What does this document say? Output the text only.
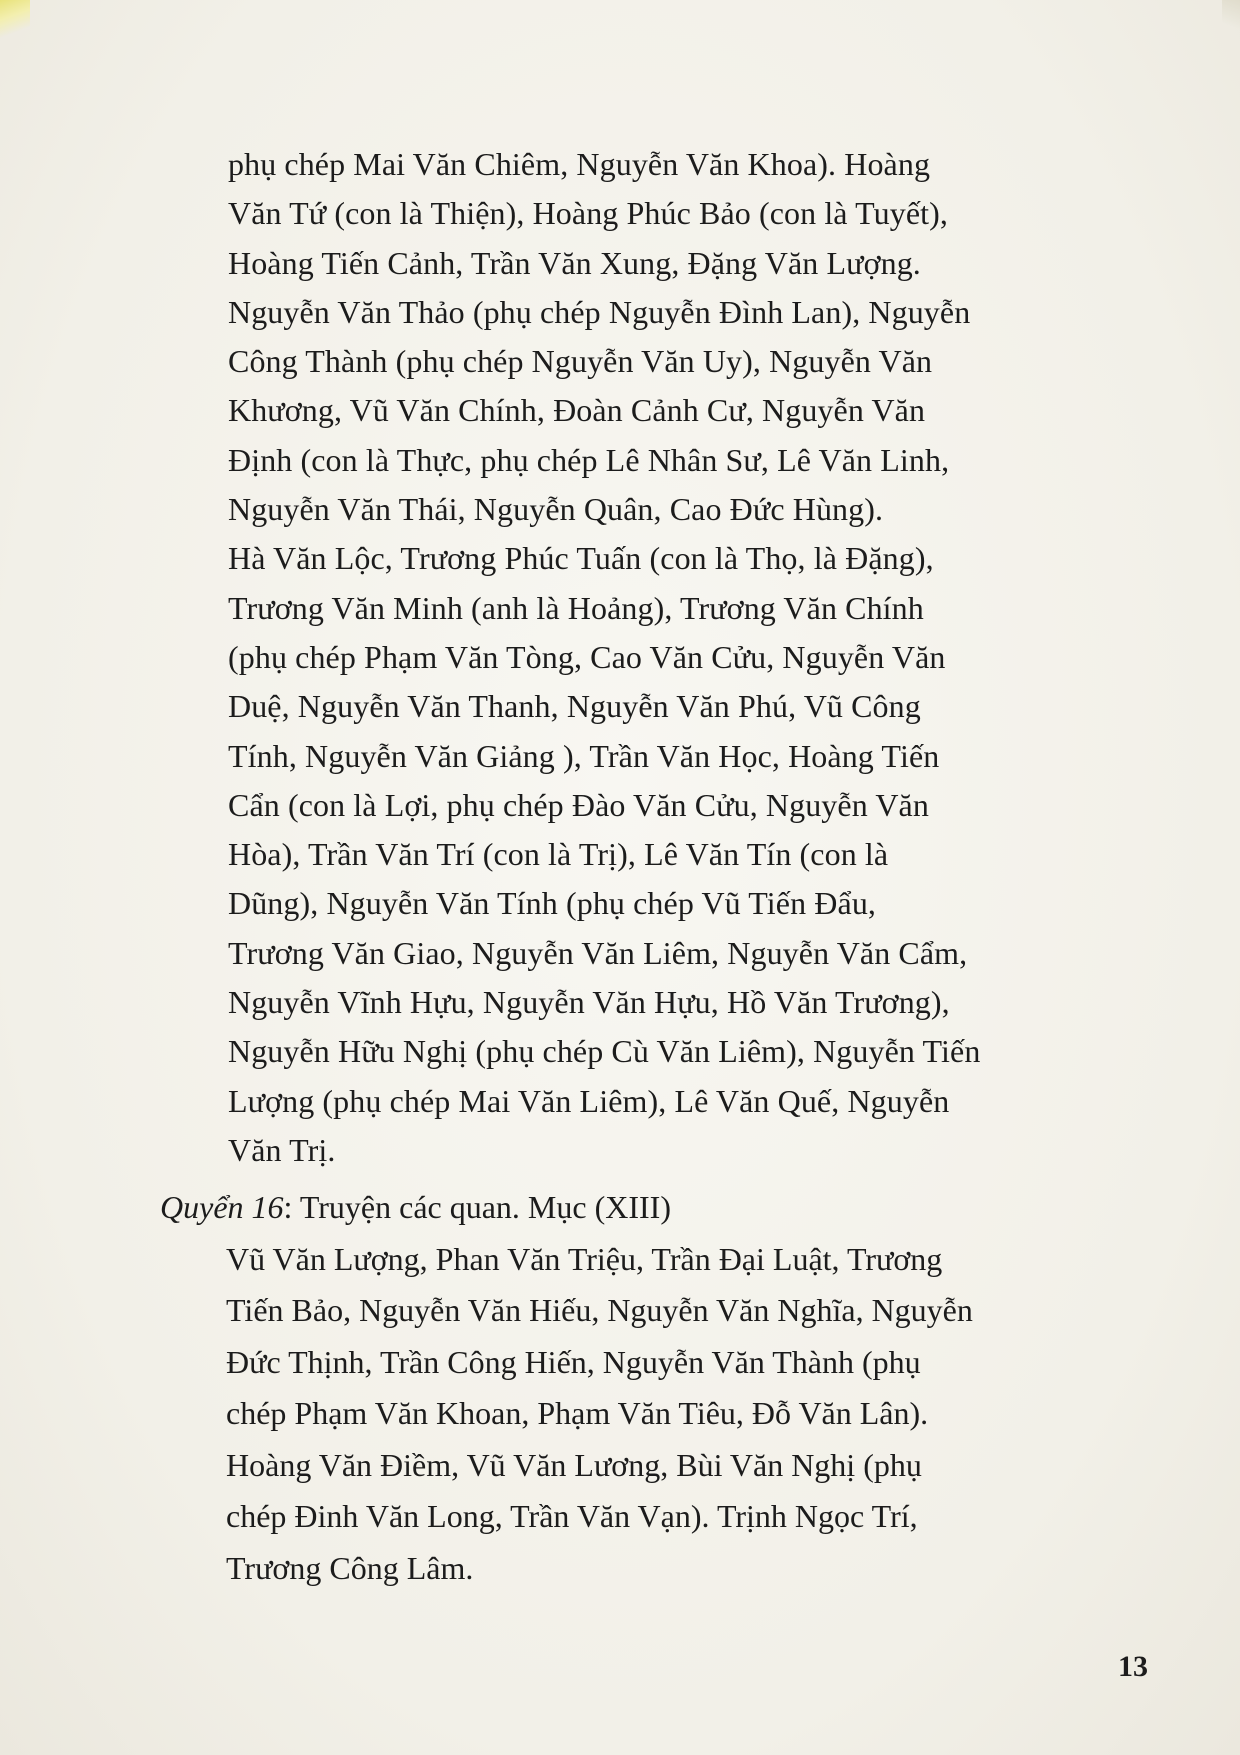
phụ chép Mai Văn Chiêm, Nguyễn Văn Khoa). Hoàng
Văn Tứ (con là Thiện), Hoàng Phúc Bảo (con là Tuyết),
Hoàng Tiến Cảnh, Trần Văn Xung, Đặng Văn Lượng.
Nguyễn Văn Thảo (phụ chép Nguyễn Đình Lan), Nguyễn
Công Thành (phụ chép Nguyễn Văn Uy), Nguyễn Văn
Khương, Vũ Văn Chính, Đoàn Cảnh Cư, Nguyễn Văn
Định (con là Thực, phụ chép Lê Nhân Sư, Lê Văn Linh,
Nguyễn Văn Thái, Nguyễn Quân, Cao Đức Hùng).
Hà Văn Lộc, Trương Phúc Tuấn (con là Thọ, là Đặng),
Trương Văn Minh (anh là Hoảng), Trương Văn Chính
(phụ chép Phạm Văn Tòng, Cao Văn Cửu, Nguyễn Văn
Duệ, Nguyễn Văn Thanh, Nguyễn Văn Phú, Vũ Công
Tính, Nguyễn Văn Giảng ), Trần Văn Học, Hoàng Tiến
Cẩn (con là Lợi, phụ chép Đào Văn Cửu, Nguyễn Văn
Hòa), Trần Văn Trí (con là Trị), Lê Văn Tín (con là
Dũng), Nguyễn Văn Tính (phụ chép Vũ Tiến Đẩu,
Trương Văn Giao, Nguyễn Văn Liêm, Nguyễn Văn Cẩm,
Nguyễn Vĩnh Hựu, Nguyễn Văn Hựu, Hồ Văn Trương),
Nguyễn Hữu Nghị (phụ chép Cù Văn Liêm), Nguyễn Tiến
Lượng (phụ chép Mai Văn Liêm), Lê Văn Quế, Nguyễn
Văn Trị.
Quyển 16: Truyện các quan. Mục (XIII)
Vũ Văn Lượng, Phan Văn Triệu, Trần Đại Luật, Trương
Tiến Bảo, Nguyễn Văn Hiếu, Nguyễn Văn Nghĩa, Nguyễn
Đức Thịnh, Trần Công Hiến, Nguyễn Văn Thành (phụ
chép Phạm Văn Khoan, Phạm Văn Tiêu, Đỗ Văn Lân).
Hoàng Văn Điềm, Vũ Văn Lương, Bùi Văn Nghị (phụ
chép Đinh Văn Long, Trần Văn Vạn). Trịnh Ngọc Trí,
Trương Công Lâm.
13
